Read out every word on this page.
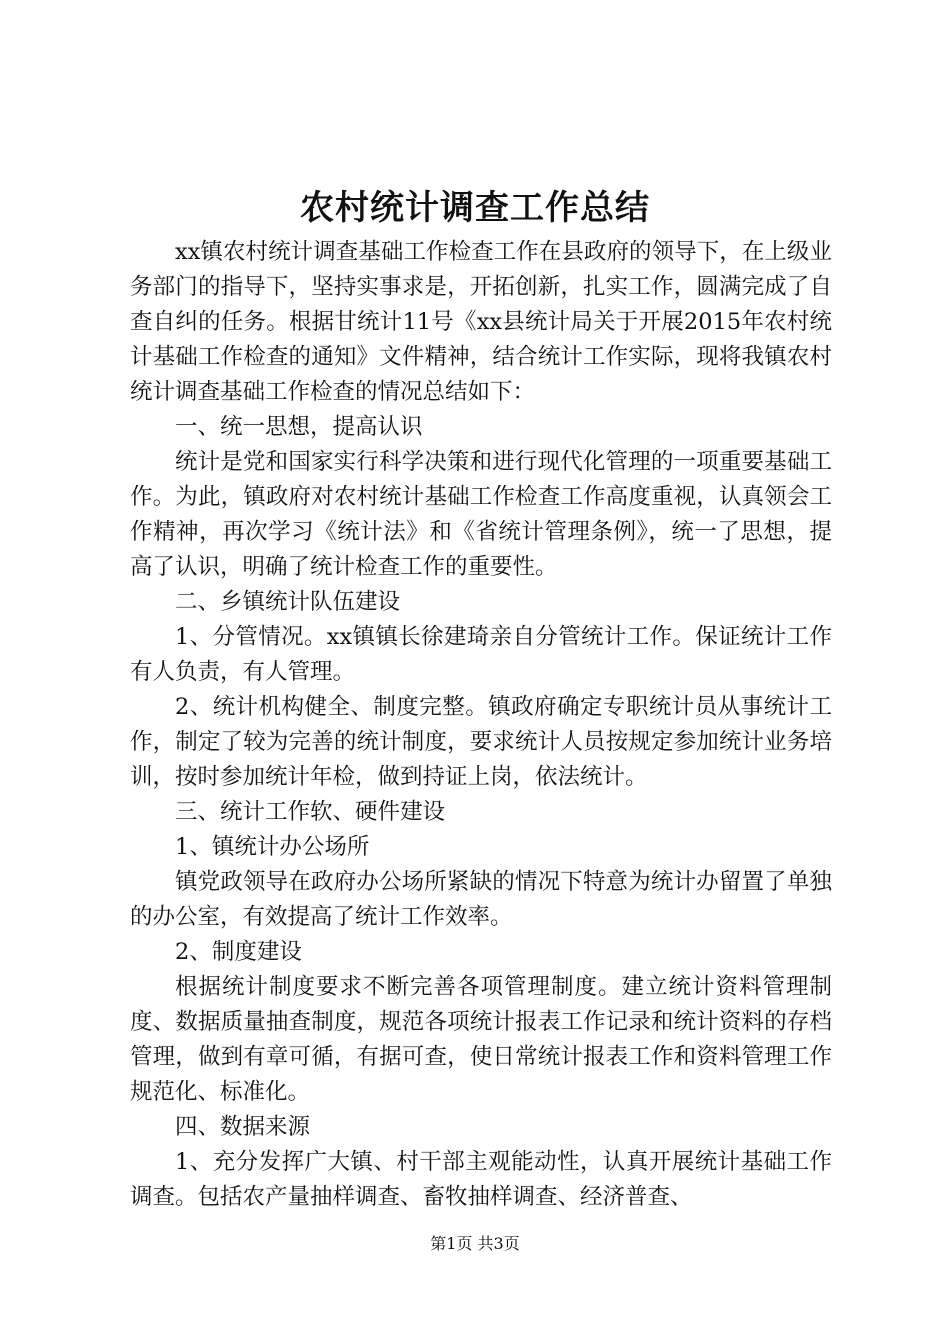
农村统计调查工作总结

xx镇农村统计调查基础工作检查工作在县政府的领导下，在上级业务部门的指导下，坚持实事求是，开拓创新，扎实工作，圆满完成了自查自纠的任务。根据甘统计11号《xx县统计局关于开展2015年农村统计基础工作检查的通知》文件精神，结合统计工作实际，现将我镇农村统计调查基础工作检查的情况总结如下：

一、统一思想，提高认识

统计是党和国家实行科学决策和进行现代化管理的一项重要基础工作。为此，镇政府对农村统计基础工作检查工作高度重视，认真领会工作精神，再次学习《统计法》和《省统计管理条例》，统一了思想，提高了认识，明确了统计检查工作的重要性。

二、乡镇统计队伍建设

1、分管情况。xx镇镇长徐建琦亲自分管统计工作。保证统计工作有人负责，有人管理。

2、统计机构健全、制度完整。镇政府确定专职统计员从事统计工作，制定了较为完善的统计制度，要求统计人员按规定参加统计业务培训，按时参加统计年检，做到持证上岗，依法统计。

三、统计工作软、硬件建设

1、镇统计办公场所

镇党政领导在政府办公场所紧缺的情况下特意为统计办留置了单独的办公室，有效提高了统计工作效率。

2、制度建设

根据统计制度要求不断完善各项管理制度。建立统计资料管理制度、数据质量抽查制度，规范各项统计报表工作记录和统计资料的存档管理，做到有章可循，有据可查，使日常统计报表工作和资料管理工作规范化、标准化。

四、数据来源

1、充分发挥广大镇、村干部主观能动性，认真开展统计基础工作调查。包括农产量抽样调查、畜牧抽样调查、经济普查、

第1页 共3页
